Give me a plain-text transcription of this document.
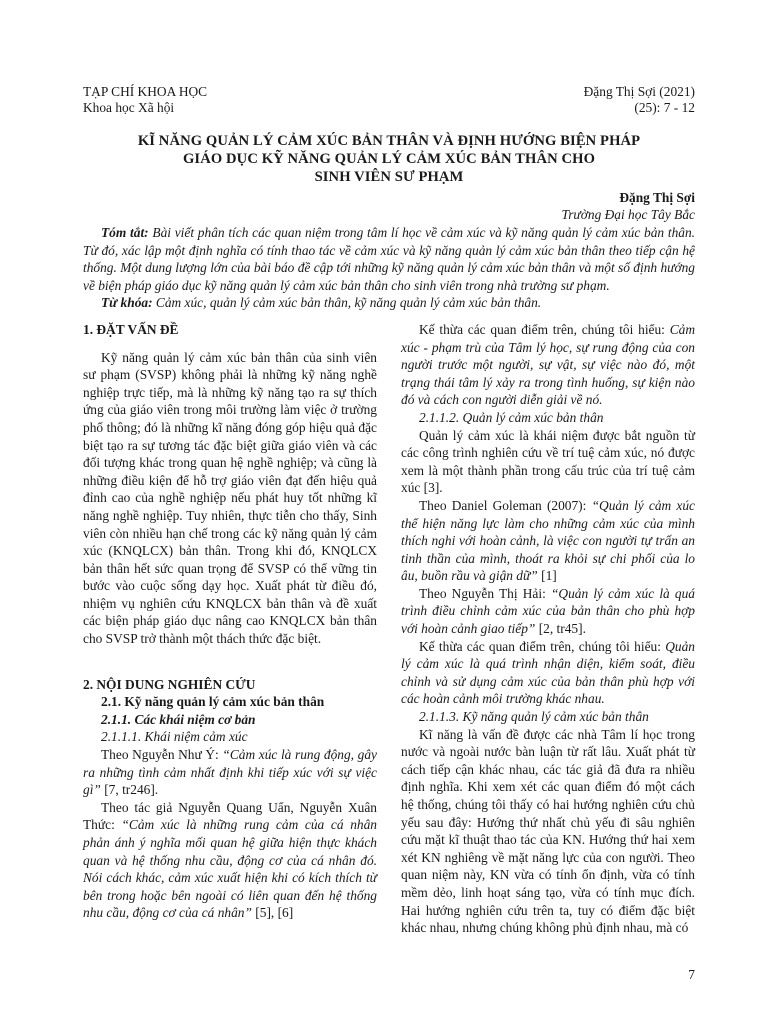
TẠP CHÍ KHOA HỌC
Khoa học Xã hội
Đặng Thị Sợi (2021)
(25): 7 - 12
KĨ NĂNG QUẢN LÝ CẢM XÚC BẢN THÂN VÀ ĐỊNH HƯỚNG BIỆN PHÁP
GIÁO DỤC KỸ NĂNG QUẢN LÝ CẢM XÚC BẢN THÂN CHO
SINH VIÊN SƯ PHẠM
Đặng Thị Sợi
Trường Đại học Tây Bắc

Tóm tắt: Bài viết phân tích các quan niệm trong tâm lí học về cảm xúc và kỹ năng quản lý cảm xúc bản thân. Từ đó, xác lập một định nghĩa có tính thao tác về cảm xúc và kỹ năng quản lý cảm xúc bản thân theo tiếp cận hệ thống. Một dung lượng lớn của bài báo đề cập tới những kỹ năng quản lý cảm xúc bản thân và một số định hướng về biện pháp giáo dục kỹ năng quản lý cảm xúc bản thân cho sinh viên trong nhà trường sư phạm.

Từ khóa: Cảm xúc, quản lý cảm xúc bản thân, kỹ năng quản lý cảm xúc bản thân.

1. ĐẶT VẤN ĐỀ

Kỹ năng quản lý cảm xúc bản thân của sinh viên sư phạm (SVSP) không phải là những kỹ năng nghề nghiệp trực tiếp, mà là những kỹ năng tạo ra sự thích ứng của giáo viên trong môi trường làm việc ở trường phổ thông; đó là những kĩ năng đóng góp hiệu quả đặc biệt tạo ra sự tương tác đặc biệt giữa giáo viên và các đối tượng khác trong quan hệ nghề nghiệp; và cũng là những điều kiện để hỗ trợ giáo viên đạt đến hiệu quả đỉnh cao của nghề nghiệp nếu phát huy tốt những kĩ năng nghề nghiệp. Tuy nhiên, thực tiễn cho thấy, Sinh viên còn nhiều hạn chế trong các kỹ năng quản lý cảm xúc (KNQLCX) bản thân. Trong khi đó, KNQLCX bản thân hết sức quan trọng để SVSP có thể vững tin bước vào cuộc sống dạy học. Xuất phát từ điều đó, nhiệm vụ nghiên cứu KNQLCX bản thân và đề xuất các biện pháp giáo dục nâng cao KNQLCX bản thân cho SVSP trở thành một thách thức đặc biệt.

2. NỘI DUNG NGHIÊN CỨU

2.1. Kỹ năng quản lý cảm xúc bản thân

2.1.1. Các khái niệm cơ bản

2.1.1.1. Khái niệm cảm xúc

Theo Nguyễn Như Ý: “Cảm xúc là rung động, gây ra những tình cảm nhất định khi tiếp xúc với sự việc gì” [7, tr246].

Theo tác giả Nguyễn Quang Uẩn, Nguyễn Xuân Thức: “Cảm xúc là những rung cảm của cá nhân phản ánh ý nghĩa mối quan hệ giữa hiện thực khách quan và hệ thống nhu cầu, động cơ của cá nhân đó. Nói cách khác, cảm xúc xuất hiện khi có kích thích từ bên trong hoặc bên ngoài có liên quan đến hệ thống nhu cầu, động cơ của cá nhân” [5], [6]

Kế thừa các quan điểm trên, chúng tôi hiểu: Cảm xúc - phạm trù của Tâm lý học, sự rung động của con người trước một người, sự vật, sự việc nào đó, một trạng thái tâm lý xảy ra trong tình huống, sự kiện nào đó và cách con người diễn giải về nó.

2.1.1.2. Quản lý cảm xúc bản thân

Quản lý cảm xúc là khái niệm được bắt nguồn từ các công trình nghiên cứu về trí tuệ cảm xúc, nó được xem là một thành phần trong cấu trúc của trí tuệ cảm xúc [3].

Theo Daniel Goleman (2007): “Quản lý cảm xúc thể hiện năng lực làm cho những cảm xúc của mình thích nghi với hoàn cảnh, là việc con người tự trấn an tinh thần của mình, thoát ra khỏi sự chi phối của lo âu, buồn rầu và giận dữ” [1]

Theo Nguyễn Thị Hải: “Quản lý cảm xúc là quá trình điều chỉnh cảm xúc của bản thân cho phù hợp với hoàn cảnh giao tiếp” [2, tr45].

Kế thừa các quan điểm trên, chúng tôi hiểu: Quản lý cảm xúc là quá trình nhận diện, kiểm soát, điều chỉnh và sử dụng cảm xúc của bản thân phù hợp với các hoàn cảnh môi trường khác nhau.

2.1.1.3. Kỹ năng quản lý cảm xúc bản thân

Kĩ năng là vấn đề được các nhà Tâm lí học trong nước và ngoài nước bàn luận từ rất lâu. Xuất phát từ cách tiếp cận khác nhau, các tác giả đã đưa ra nhiều định nghĩa. Khi xem xét các quan điểm đó một cách hệ thống, chúng tôi thấy có hai hướng nghiên cứu chủ yếu sau đây: Hướng thứ nhất chủ yếu đi sâu nghiên cứu mặt kĩ thuật thao tác của KN. Hướng thứ hai xem xét KN nghiêng về mặt năng lực của con người. Theo quan niệm này, KN vừa có tính ổn định, vừa có tính mềm dẻo, linh hoạt sáng tạo, vừa có tính mục đích. Hai hướng nghiên cứu trên ta, tuy có điểm đặc biệt khác nhau, nhưng chúng không phủ định nhau, mà có

7
